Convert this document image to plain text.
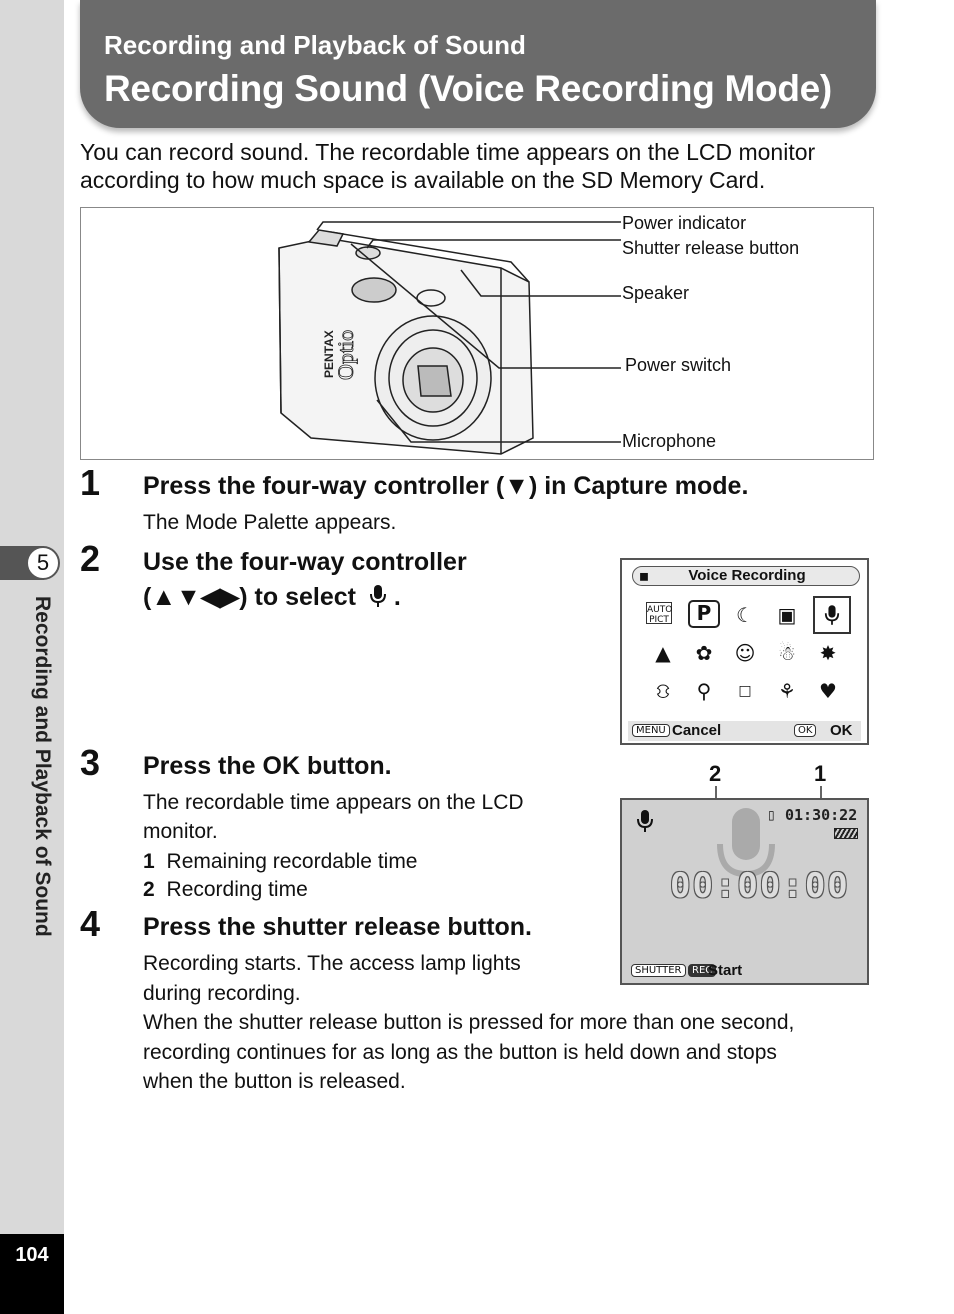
5
Recording and Playback of Sound
104
Recording and Playback of Sound
Recording Sound (Voice Recording Mode)
You can record sound. The recordable time appears on the LCD monitor
according to how much space is available on the SD Memory Card.
PENTAX
Optio
Power indicator
Shutter release button
Speaker
Power switch
Microphone
1 Press the four-way controller (▼) in Capture mode.
The Mode Palette appears.
2 Use the four-way controller
(▲▼◀▶) to select .
◼	Voice Recording
AUTO PICT	P	☾	▣
▲	✿	☺	☃	✸
⛻	⚲	□	⚘	♥
MENU Cancel	OK OK
3 Press the OK button.
The recordable time appears on the LCD
monitor.
1 Remaining recordable time
2 Recording time
2	1
▯ 01:30:22
00:00:00
SHUTTER	REC
Start
4 Press the shutter release button.
Recording starts. The access lamp lights
during recording.
When the shutter release button is pressed for more than one second,
recording continues for as long as the button is held down and stops
when the button is released.
